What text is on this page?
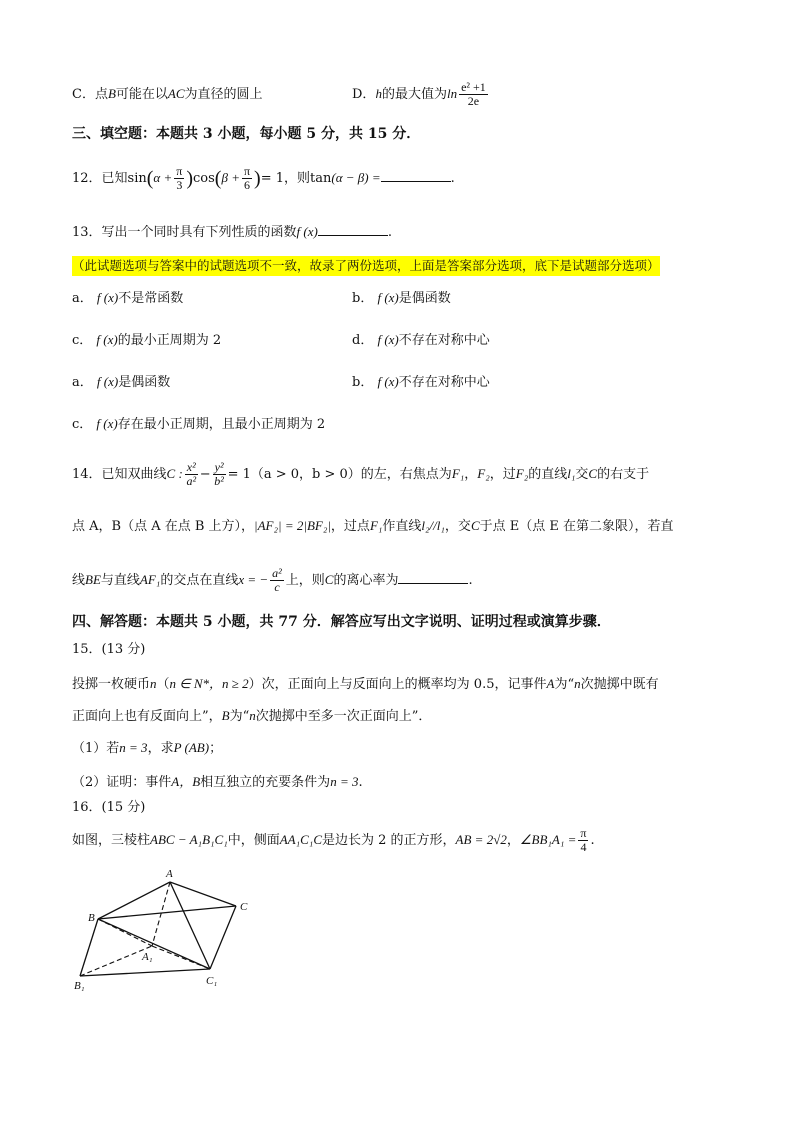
C．点B可能在以AC为直径的圆上	D．h的最大值为$\ln \frac{\text{e² +1}}{2e}$
三、填空题：本题共 3 小题，每小题 5 分，共 15 分．
12．已知$\sin(\alpha + \frac{\pi}{3} )\cos(\beta + \frac{\pi}{6}$ )= 1，则tan(α − β) =	.
13．写出一个同时具有下列性质的函数f (x)	.
（此试题选项与答案中的试题选项不一致，故录了两份选项，上面是答案部分选项，底下是试题部分选项）
a． f (x)不是常函数	b． f (x)是偶函数
c． f (x)的最小正周期为 2	d． f (x)不存在对称中心
a． f (x)是偶函数	b． f (x)不存在对称中心
c． f (x)存在最小正周期，且最小正周期为 2
14．已知双曲线C : $\frac{\text{x²}}{\text{a²}} - \frac{\text{y²}}{\text{b²}} = 1(a > 0$，b > 0）的左，右焦点为F₁，F₂，过F₂的直线l₁交C的右支于
点 A，B（点 A 在点 B 上方），|AF₂| = 2|BF₂|，过点F₁作直线l₂//l₁，交C于点 E（点 E 在第二象限），若直
线BE与直线AF₁的交点在直线x = − $\frac{\text{a²}}{c}$ 上，则C的离心率为	.
四、解答题：本题共 5 小题，共 77 分．解答应写出文字说明、证明过程或演算步骤．
15．(13 分)
投掷一枚硬币n（n ∈ N*，n ≥ 2）次，正面向上与反面向上的概率均为 0.5，记事件A为“n次抛掷中既有
正面向上也有反面向上”，B为“n次抛掷中至多一次正面向上”．
（1）若n = 3，求P (AB)；
（2）证明：事件A，B相互独立的充要条件为n = 3.
16．(15 分)
如图，三棱柱ABC − A₁B₁C₁中，侧面AA₁C₁C是边长为 2 的正方形，AB = 2√2，∠BB₁A₁ = $\frac{\pi}{4}$ .
A
B
C
A₁
B₁	C₁
